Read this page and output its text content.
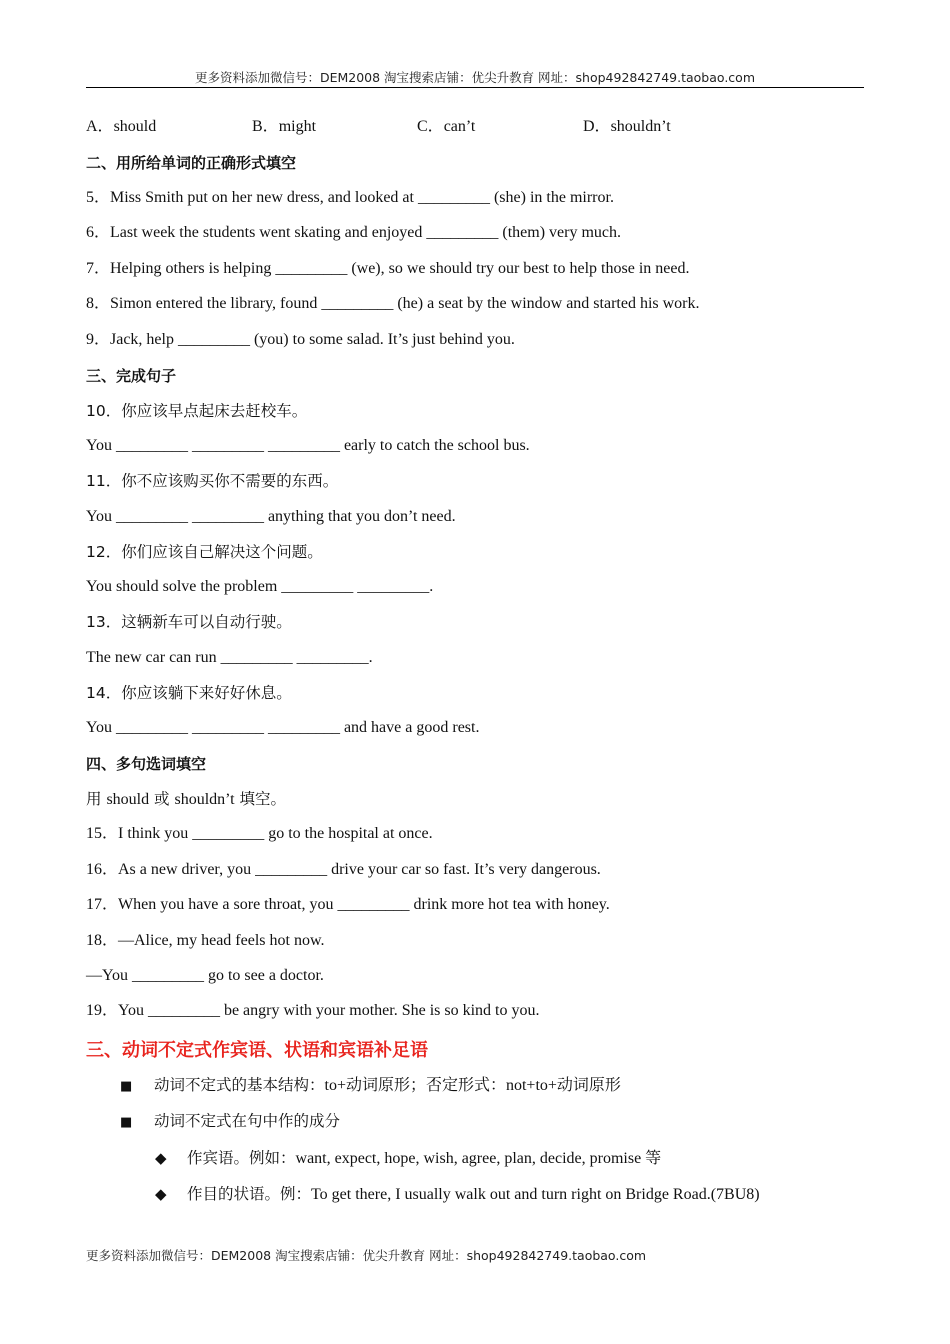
更多资料添加微信号：DEM2008 淘宝搜索店铺：优尖升教育 网址：shop492842749.taobao.com
A．should	B．might	C．can’t	D．shouldn’t
二、用所给单词的正确形式填空
5．Miss Smith put on her new dress, and looked at _________ (she) in the mirror.
6．Last week the students went skating and enjoyed _________ (them) very much.
7．Helping others is helping _________ (we), so we should try our best to help those in need.
8．Simon entered the library, found _________ (he) a seat by the window and started his work.
9．Jack, help _________ (you) to some salad. It’s just behind you.
三、完成句子
10．你应该早点起床去赶校车。
You _________ _________ _________ early to catch the school bus.
11．你不应该购买你不需要的东西。
You _________ _________ anything that you don’t need.
12．你们应该自己解决这个问题。
You should solve the problem _________ _________.
13．这辆新车可以自动行驶。
The new car can run _________ _________.
14．你应该躺下来好好休息。
You _________ _________ _________ and have a good rest.
四、多句选词填空
用 should 或 shouldn’t 填空。
15．I think you _________ go to the hospital at once.
16．As a new driver, you _________ drive your car so fast. It’s very dangerous.
17．When you have a sore throat, you _________ drink more hot tea with honey.
18．—Alice, my head feels hot now.
—You _________ go to see a doctor.
19．You _________ be angry with your mother. She is so kind to you.
三、动词不定式作宾语、状语和宾语补足语
■ 动词不定式的基本结构：to+动词原形；否定形式：not+to+动词原形
■ 动词不定式在句中作的成分
◆ 作宾语。例如：want, expect, hope, wish, agree, plan, decide, promise 等
◆ 作目的状语。例：To get there, I usually walk out and turn right on Bridge Road.(7BU8)
更多资料添加微信号：DEM2008 淘宝搜索店铺：优尖升教育 网址：shop492842749.taobao.com
